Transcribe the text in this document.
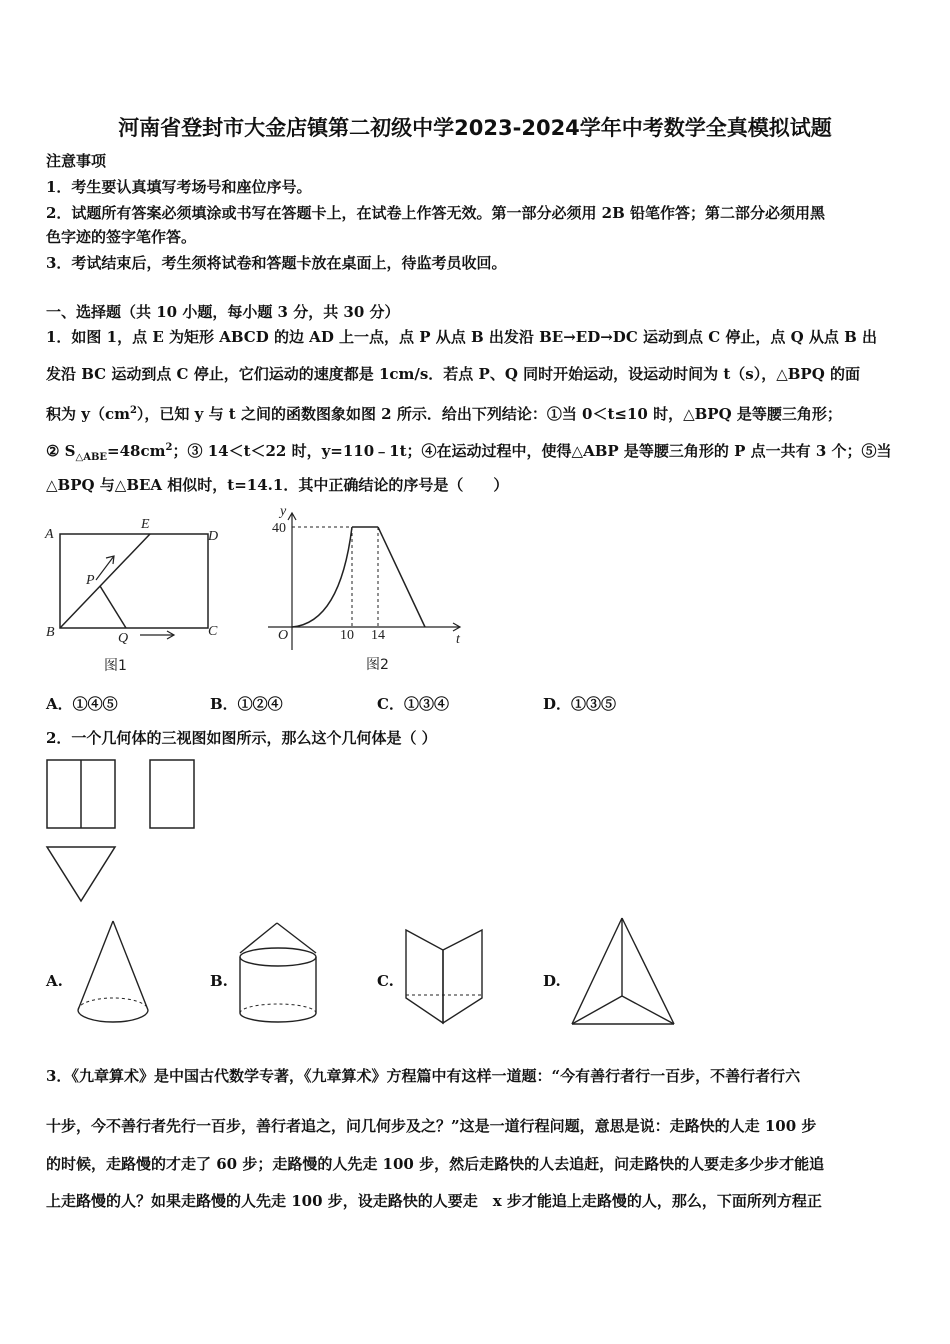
河南省登封市大金店镇第二初级中学2023-2024学年中考数学全真模拟试题
注意事项
1．考生要认真填写考场号和座位序号。
2．试题所有答案必须填涂或书写在答题卡上，在试卷上作答无效。第一部分必须用 2B 铅笔作答；第二部分必须用黑
色字迹的签字笔作答。
3．考试结束后，考生须将试卷和答题卡放在桌面上，待监考员收回。
一、选择题（共 10 小题，每小题 3 分，共 30 分）
1．如图 1，点 E 为矩形 ABCD 的边 AD 上一点，点 P 从点 B 出发沿 BE→ED→DC 运动到点 C 停止，点 Q 从点 B 出
发沿 BC 运动到点 C 停止，它们运动的速度都是 1cm/s．若点 P、Q 同时开始运动，设运动时间为 t（s），△BPQ 的面
积为 $y(cm^2)$，已知 y 与 t 之间的函数图象如图 2 所示．给出下列结论：①当 0＜t≤10 时，△BPQ 是等腰三角形；
② $S_{\triangle ABE}=48cm^2$；③ 14＜t＜22 时，y=110﹣1t；④在运动过程中，使得△ABP 是等腰三角形的 P 点一共有 3 个；⑤当
△BPQ 与△BEA 相似时，t=14.1．其中正确结论的序号是（　　）
A
E
D
P
B	Q	C
图1
y
40
O	10 14	t
图2
A．①④⑤	B．①②④	C．①③④	D．①③⑤
2．一个几何体的三视图如图所示，那么这个几何体是（ ）
A.	B.	C.	D.
3．《九章算术》是中国古代数学专著，《九章算术》方程篇中有这样一道题：“今有善行者行一百步，不善行者行六
十步，今不善行者先行一百步，善行者追之，问几何步及之？”这是一道行程问题，意思是说：走路快的人走 100 步
的时候，走路慢的才走了 60 步；走路慢的人先走 100 步，然后走路快的人去追赶，问走路快的人要走多少步才能追
上走路慢的人？如果走路慢的人先走 100 步，设走路快的人要走　x 步才能追上走路慢的人，那么，下面所列方程正
